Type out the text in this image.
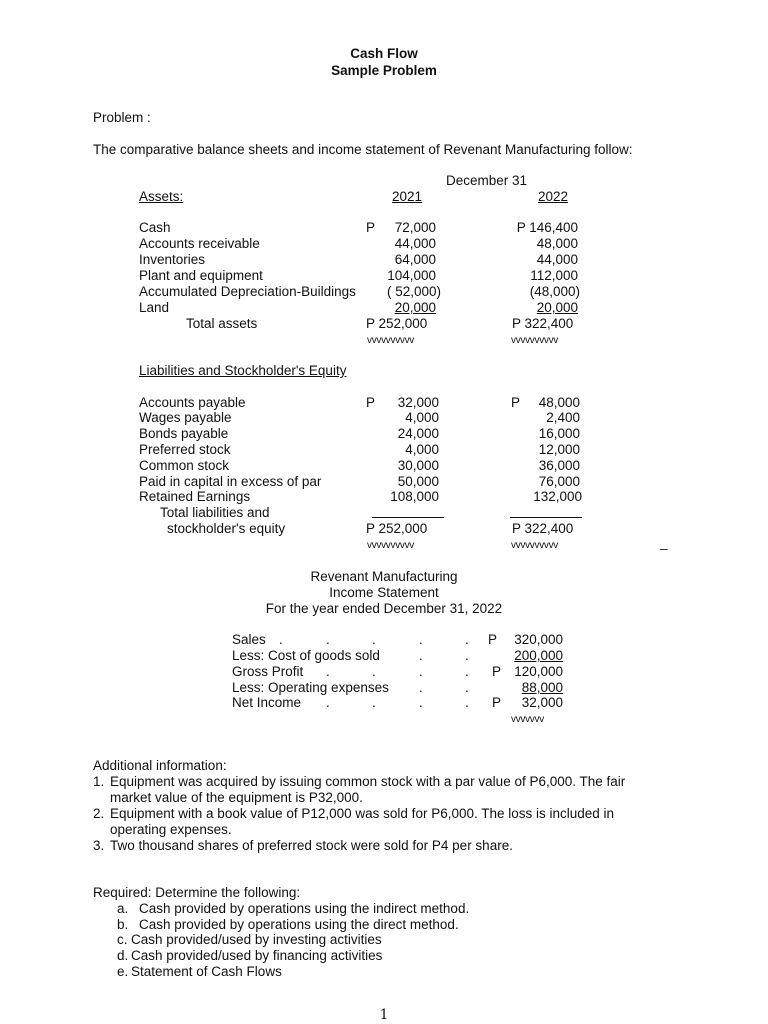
Cash Flow
Sample Problem
Problem :
The comparative balance sheets and income statement of Revenant Manufacturing follow:
December 31
Assets:	2021	2022
Cash	P	72,000	P 146,400
Accounts receivable	44,000	48,000
Inventories	64,000	44,000
Plant and equipment	104,000	112,000
Accumulated Depreciation-Buildings	( 52,000)	(48,000)
Land	20,000	20,000
Total assets	P 252,000	P 322,400
vvvvvvvvvv	vvvvvvvvvv
Liabilities and Stockholder's Equity
Accounts payable	P	32,000	P	48,000
Wages payable	4,000	2,400
Bonds payable	24,000	16,000
Preferred stock	4,000	12,000
Common stock	30,000	36,000
Paid in capital in excess of par	50,000	76,000
Retained Earnings	108,000	132,000
Total liabilities and
stockholder's equity	P 252,000	P 322,400
vvvvvvvvvv	vvvvvvvvvv	_
Revenant Manufacturing
Income Statement
For the year ended December 31, 2022
Sales	P	320,000
Less: Cost of goods sold	200,000
Gross Profit	P 120,000
Less: Operating expenses	88,000
Net Income	P	32,000
vvvvvvv
.	.	.	.	.
.	.
.	.	.	.
.	.
.	.	.	.
Additional information:
1. Equipment was acquired by issuing common stock with a par value of P6,000. The fair
market value of the equipment is P32,000.
2. Equipment with a book value of P12,000 was sold for P6,000. The loss is included in
operating expenses.
3. Two thousand shares of preferred stock were sold for P4 per share.
Required: Determine the following:
a. Cash provided by operations using the indirect method.
b. Cash provided by operations using the direct method.
c. Cash provided/used by investing activities
d. Cash provided/used by financing activities
e. Statement of Cash Flows
1
